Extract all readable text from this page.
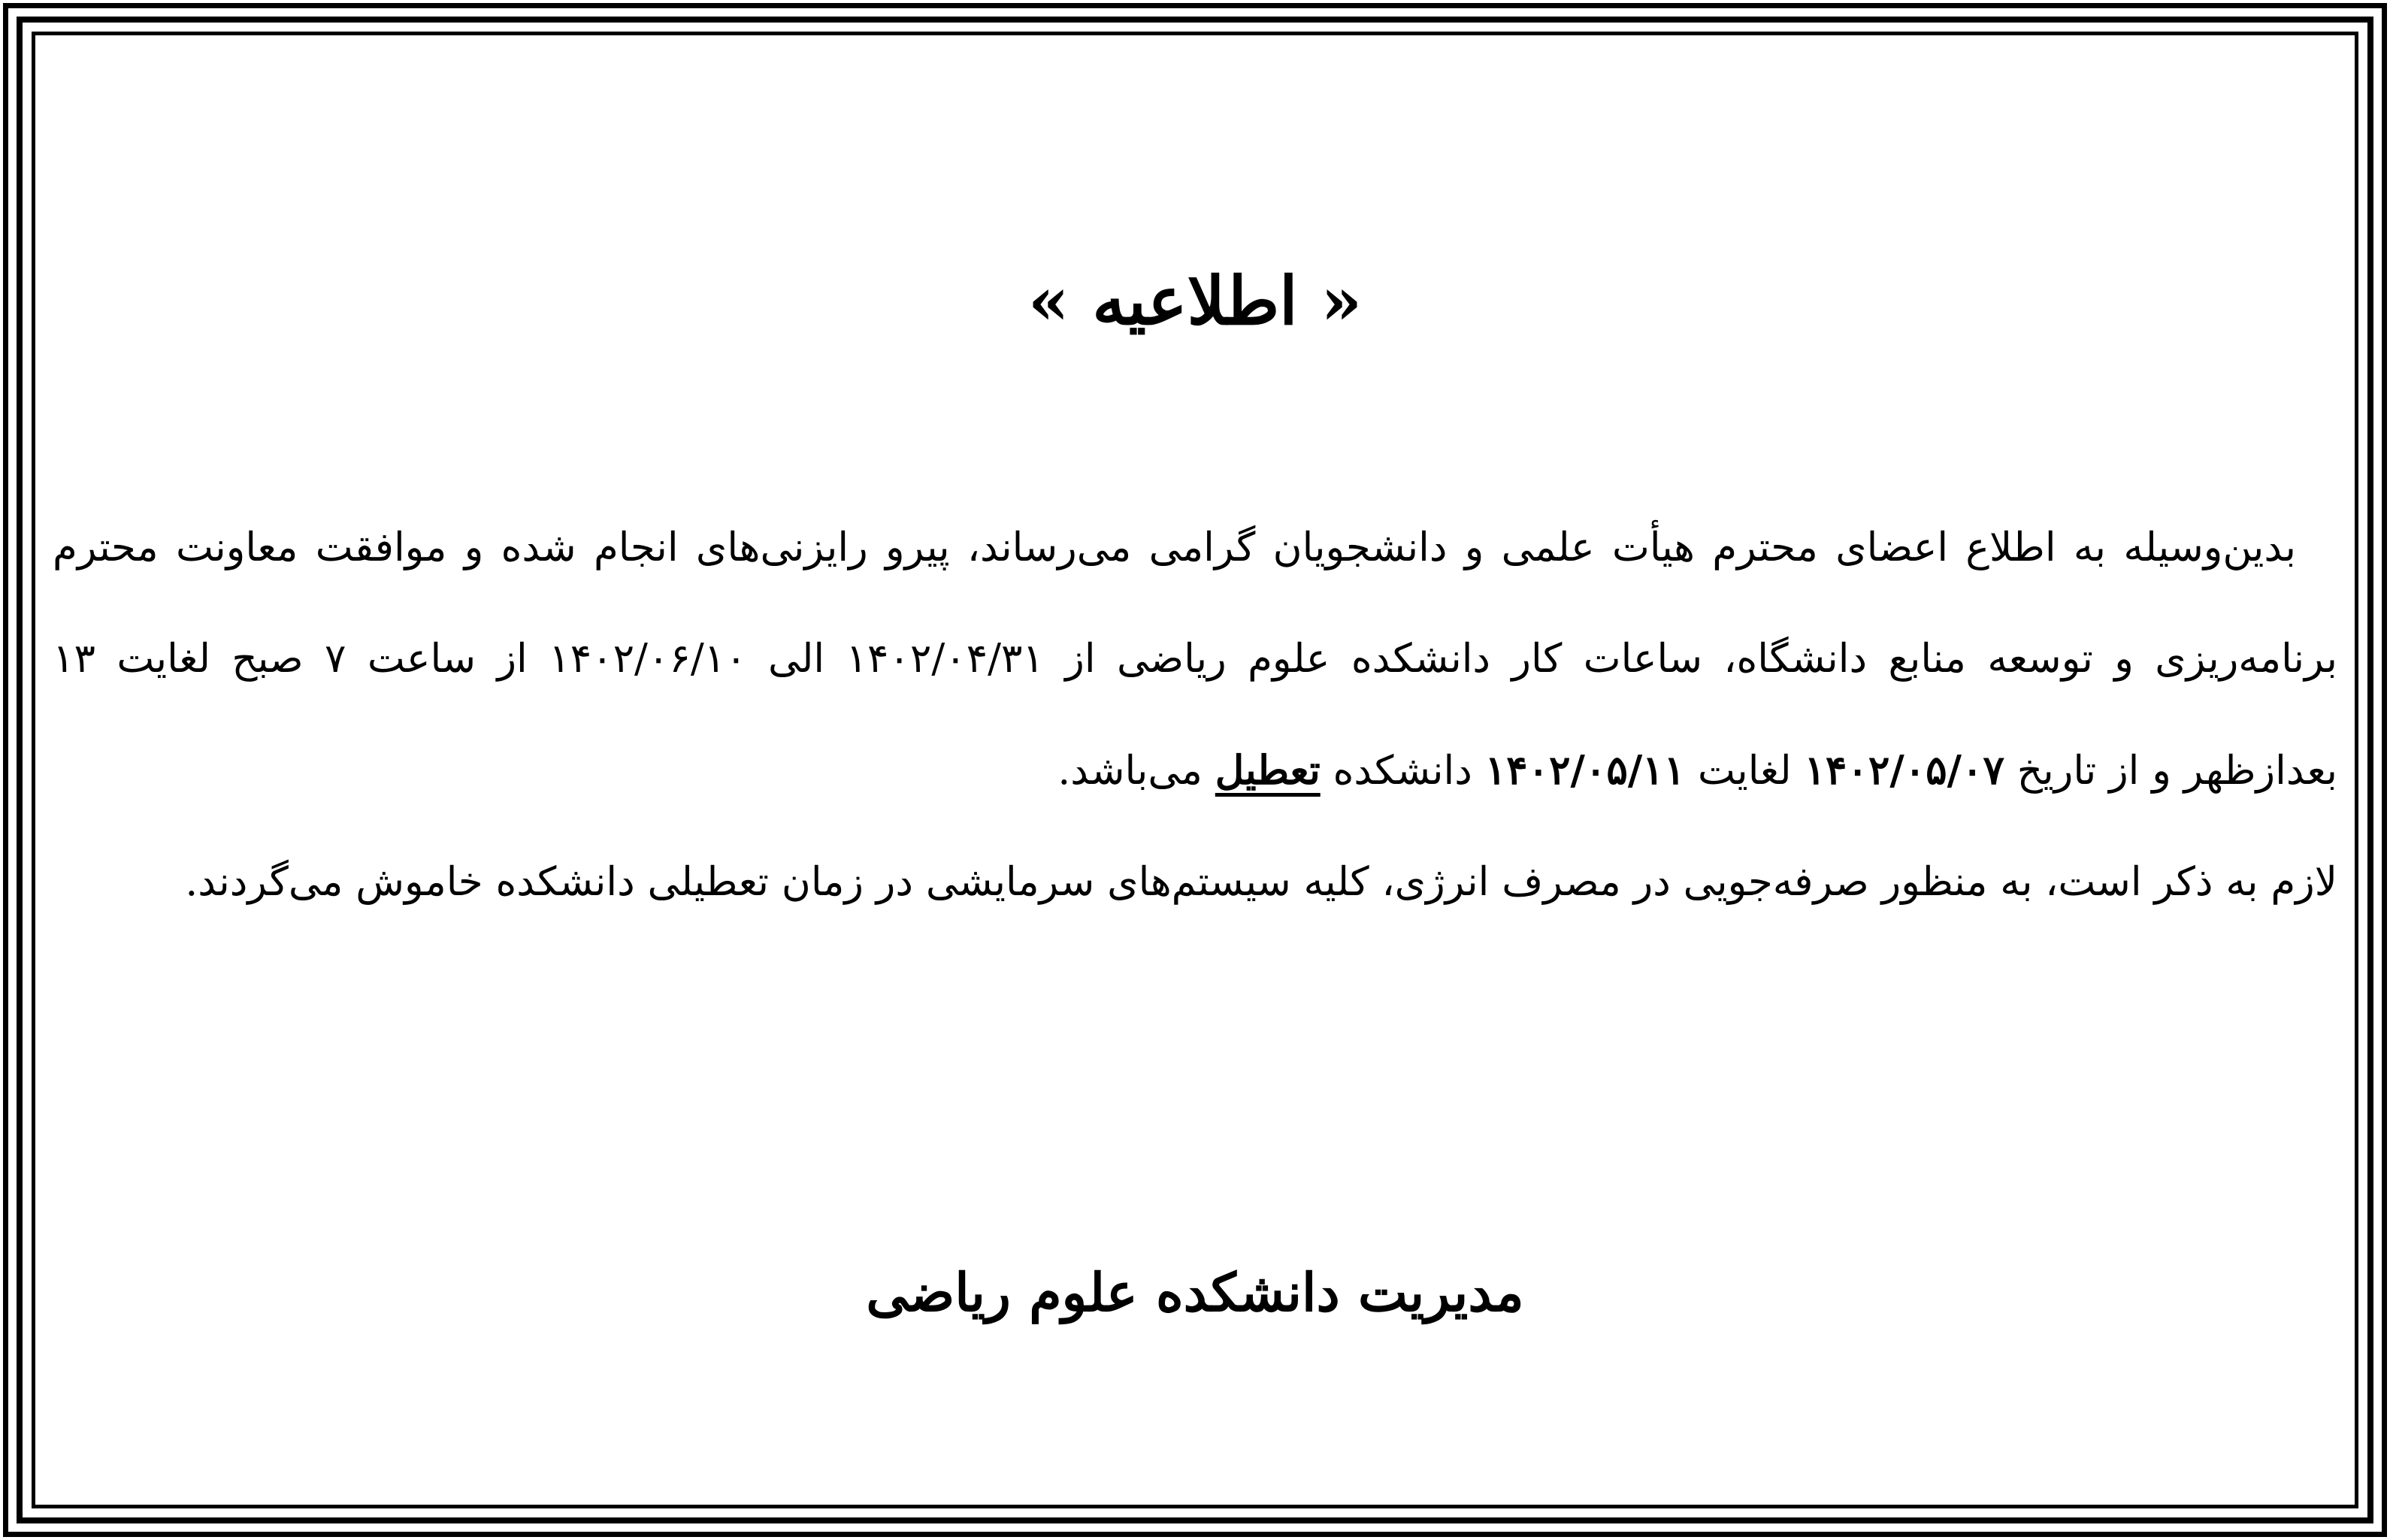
« اطلاعیه »

بدین‌وسیله به اطلاع اعضای محترم هیأت علمی و دانشجویان گرامی می‌رساند، پیرو رایزنی‌های انجام شده و موافقت معاونت محترم برنامه‌ریزی و توسعه منابع دانشگاه، ساعات کار دانشکده علوم ریاضی از ۱۴۰۲/۰۴/۳۱ الی ۱۴۰۲/۰۶/۱۰ از ساعت ۷ صبح لغایت ۱۳ بعدازظهر و از تاریخ ۱۴۰۲/۰۵/۰۷ لغایت ۱۴۰۲/۰۵/۱۱ دانشکده تعطیل می‌باشد.

لازم به ذکر است، به منظور صرفه‌جویی در مصرف انرژی، کلیه سیستم‌های سرمایشی در زمان تعطیلی دانشکده خاموش می‌گردند.

مدیریت دانشکده علوم ریاضی
